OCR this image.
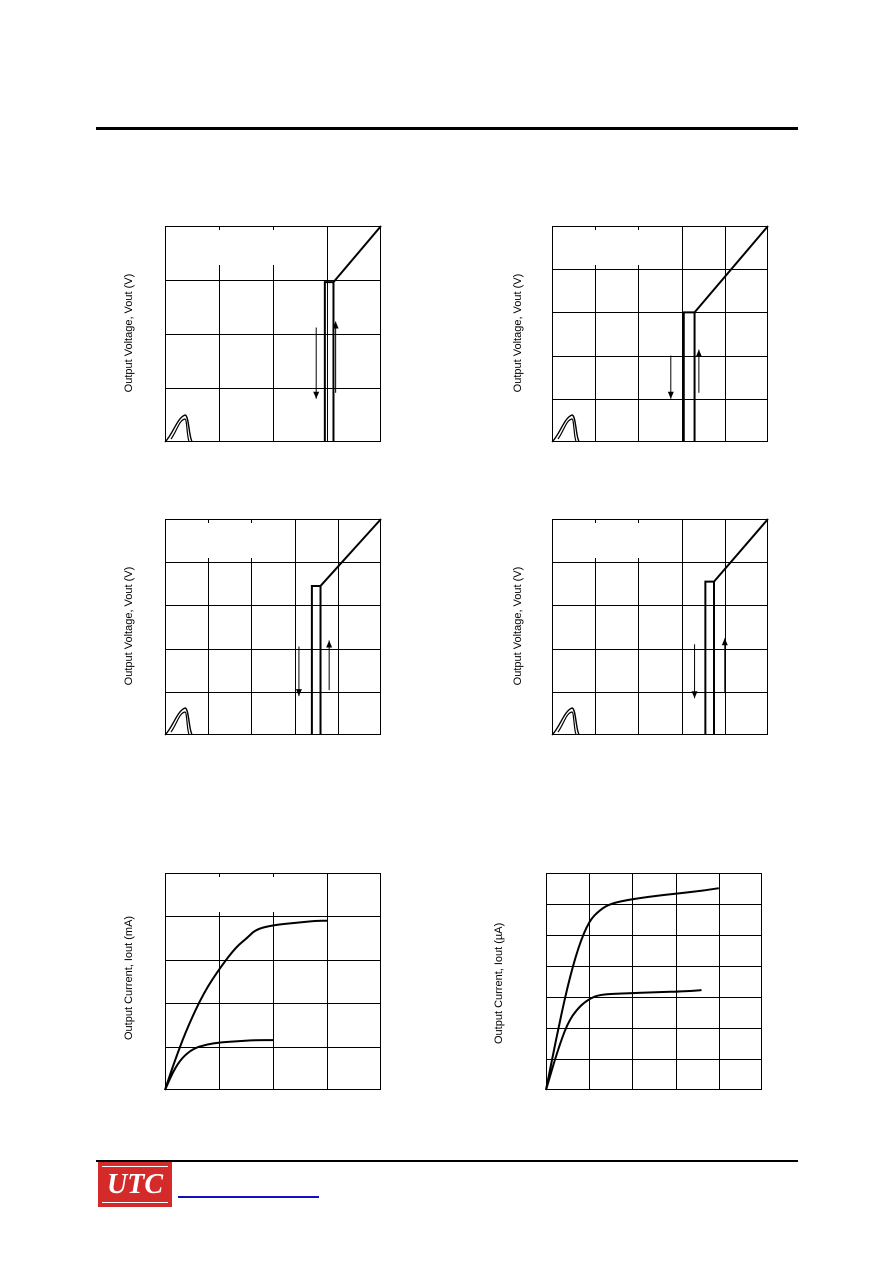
Output Voltage, Vout (V)	Output Voltage, Vout (V)
Output Voltage, Vout (V)	Output Voltage, Vout (V)
Output Current, Iout (mA)	Output Current, Iout (µA)
UTC
